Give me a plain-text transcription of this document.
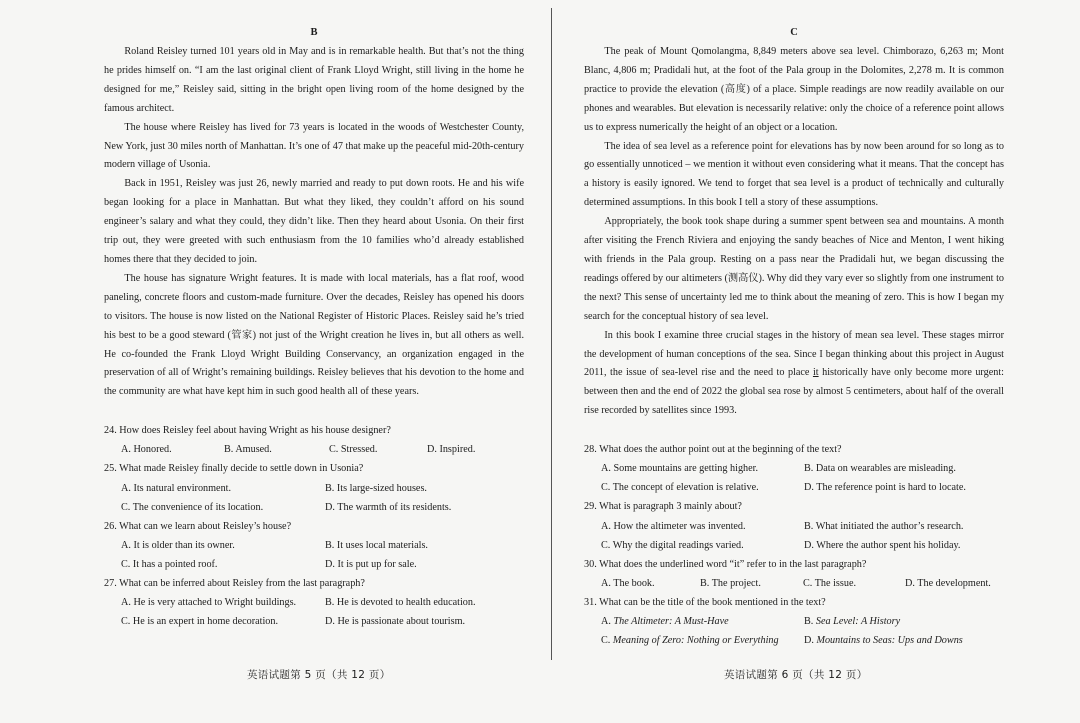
B

Roland Reisley turned 101 years old in May and is in remarkable health. But that’s not the thing he prides himself on. “I am the last original client of Frank Lloyd Wright, still living in the home he designed for me,” Reisley said, sitting in the bright open living room of the home designed by the famous architect.

The house where Reisley has lived for 73 years is located in the woods of Westchester County, New York, just 30 miles north of Manhattan. It’s one of 47 that make up the peaceful mid-20th-century modern village of Usonia.

Back in 1951, Reisley was just 26, newly married and ready to put down roots. He and his wife began looking for a place in Manhattan. But what they liked, they couldn’t afford on his sound engineer’s salary and what they could, they didn’t like. Then they heard about Usonia. On their first trip out, they were greeted with such enthusiasm from the 10 families who’d already established homes there that they decided to join.

The house has signature Wright features. It is made with local materials, has a flat roof, wood paneling, concrete floors and custom-made furniture. Over the decades, Reisley has opened his doors to visitors. The house is now listed on the National Register of Historic Places. Reisley said he’s tried his best to be a good steward (管家) not just of the Wright creation he lives in, but all others as well. He co-founded the Frank Lloyd Wright Building Conservancy, an organization engaged in the preservation of all of Wright’s remaining buildings. Reisley believes that his devotion to the home and the community are what have kept him in such good health all of these years.

24. How does Reisley feel about having Wright as his house designer?

A. Honored.	B. Amused.	C. Stressed.	D. Inspired.

25. What made Reisley finally decide to settle down in Usonia?

A. Its natural environment.	B. Its large-sized houses.
C. The convenience of its location.	D. The warmth of its residents.

26. What can we learn about Reisley’s house?

A. It is older than its owner.	B. It uses local materials.
C. It has a pointed roof.	D. It is put up for sale.

27. What can be inferred about Reisley from the last paragraph?

A. He is very attached to Wright buildings.	B. He is devoted to health education.
C. He is an expert in home decoration.	D. He is passionate about tourism.
C

The peak of Mount Qomolangma, 8,849 meters above sea level. Chimborazo, 6,263 m; Mont Blanc, 4,806 m; Pradidali hut, at the foot of the Pala group in the Dolomites, 2,278 m. It is common practice to provide the elevation (高度) of a place. Simple readings are now readily available on our phones and wearables. But elevation is necessarily relative: only the choice of a reference point allows us to express numerically the height of an object or a location.

The idea of sea level as a reference point for elevations has by now been around for so long as to go essentially unnoticed – we mention it without even considering what it means. That the concept has a history is easily ignored. We tend to forget that sea level is a product of technically and culturally determined assumptions. In this book I tell a story of these assumptions.

Appropriately, the book took shape during a summer spent between sea and mountains. A month after visiting the French Riviera and enjoying the sandy beaches of Nice and Menton, I went hiking with friends in the Pala group. Resting on a pass near the Pradidali hut, we began discussing the readings offered by our altimeters (测高仪). Why did they vary ever so slightly from one instrument to the next? This sense of uncertainty led me to think about the meaning of zero. This is how I began my search for the conceptual history of sea level.

In this book I examine three crucial stages in the history of mean sea level. These stages mirror the development of human conceptions of the sea. Since I began thinking about this project in August 2011, the issue of sea-level rise and the need to place it historically have only become more urgent: between then and the end of 2022 the global sea rose by almost 5 centimeters, about half of the overall rise recorded by satellites since 1993.

28. What does the author point out at the beginning of the text?

A. Some mountains are getting higher.	B. Data on wearables are misleading.
C. The concept of elevation is relative.	D. The reference point is hard to locate.

29. What is paragraph 3 mainly about?

A. How the altimeter was invented.	B. What initiated the author’s research.
C. Why the digital readings varied.	D. Where the author spent his holiday.

30. What does the underlined word “it” refer to in the last paragraph?

A. The book.	B. The project.	C. The issue.	D. The development.

31. What can be the title of the book mentioned in the text?

A. The Altimeter: A Must-Have	B. Sea Level: A History
C. Meaning of Zero: Nothing or Everything	D. Mountains to Seas: Ups and Downs
英语试题第 5 页（共 12 页）	英语试题第 6 页（共 12 页）
